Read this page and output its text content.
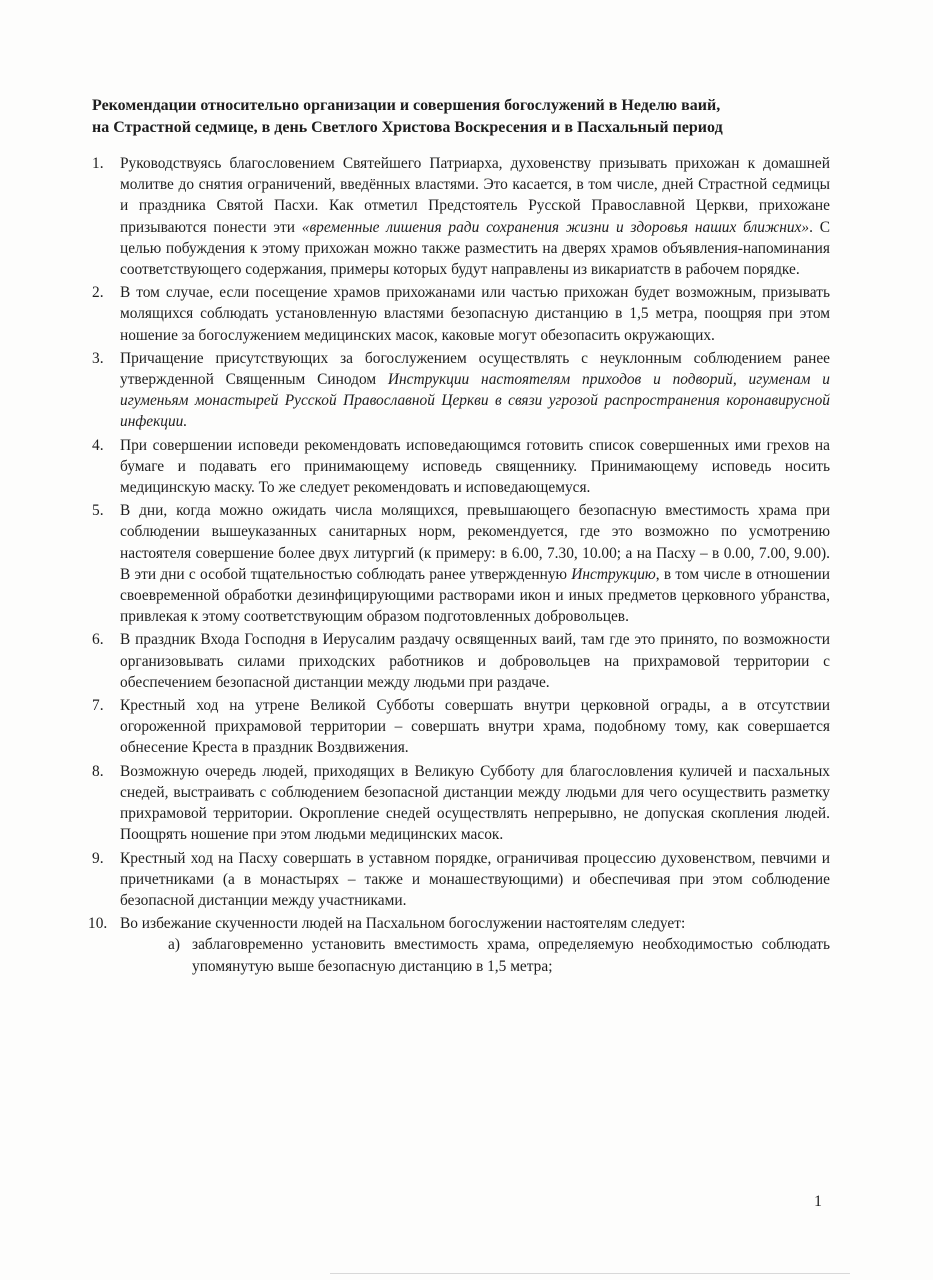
Рекомендации относительно организации и совершения богослужений в Неделю ваий,
на Страстной седмице, в день Светлого Христова Воскресения и в Пасхальный период
1.	Руководствуясь благословением Святейшего Патриарха, духовенству призывать прихожан к домашней молитве до снятия ограничений, введённых властями. Это касается, в том числе, дней Страстной седмицы и праздника Святой Пасхи. Как отметил Предстоятель Русской Православной Церкви, прихожане призываются понести эти «временные лишения ради сохранения жизни и здоровья наших ближних». С целью побуждения к этому прихожан можно также разместить на дверях храмов объявления-напоминания соответствующего содержания, примеры которых будут направлены из викариатств в рабочем порядке.
2.	В том случае, если посещение храмов прихожанами или частью прихожан будет возможным, призывать молящихся соблюдать установленную властями безопасную дистанцию в 1,5 метра, поощряя при этом ношение за богослужением медицинских масок, каковые могут обезопасить окружающих.
3.	Причащение присутствующих за богослужением осуществлять с неуклонным соблюдением ранее утвержденной Священным Синодом Инструкции настоятелям приходов и подворий, игуменам и игуменьям монастырей Русской Православной Церкви в связи угрозой распространения коронавирусной инфекции.
4.	При совершении исповеди рекомендовать исповедающимся готовить список совершенных ими грехов на бумаге и подавать его принимающему исповедь священнику. Принимающему исповедь носить медицинскую маску. То же следует рекомендовать и исповедающемуся.
5.	В дни, когда можно ожидать числа молящихся, превышающего безопасную вместимость храма при соблюдении вышеуказанных санитарных норм, рекомендуется, где это возможно по усмотрению настоятеля совершение более двух литургий (к примеру: в 6.00, 7.30, 10.00; а на Пасху – в 0.00, 7.00, 9.00). В эти дни с особой тщательностью соблюдать ранее утвержденную Инструкцию, в том числе в отношении своевременной обработки дезинфицирующими растворами икон и иных предметов церковного убранства, привлекая к этому соответствующим образом подготовленных добровольцев.
6.	В праздник Входа Господня в Иерусалим раздачу освященных ваий, там где это принято, по возможности организовывать силами приходских работников и добровольцев на прихрамовой территории с обеспечением безопасной дистанции между людьми при раздаче.
7.	Крестный ход на утрене Великой Субботы совершать внутри церковной ограды, а в отсутствии огороженной прихрамовой территории – совершать внутри храма, подобному тому, как совершается обнесение Креста в праздник Воздвижения.
8.	Возможную очередь людей, приходящих в Великую Субботу для благословления куличей и пасхальных снедей, выстраивать с соблюдением безопасной дистанции между людьми для чего осуществить разметку прихрамовой территории. Окропление снедей осуществлять непрерывно, не допуская скопления людей. Поощрять ношение при этом людьми медицинских масок.
9.	Крестный ход на Пасху совершать в уставном порядке, ограничивая процессию духовенством, певчими и причетниками (а в монастырях – также и монашествующими) и обеспечивая при этом соблюдение безопасной дистанции между участниками.
10. Во избежание скученности людей на Пасхальном богослужении настоятелям следует:
а) заблаговременно установить вместимость храма, определяемую необходимостью соблюдать упомянутую выше безопасную дистанцию в 1,5 метра;
1
